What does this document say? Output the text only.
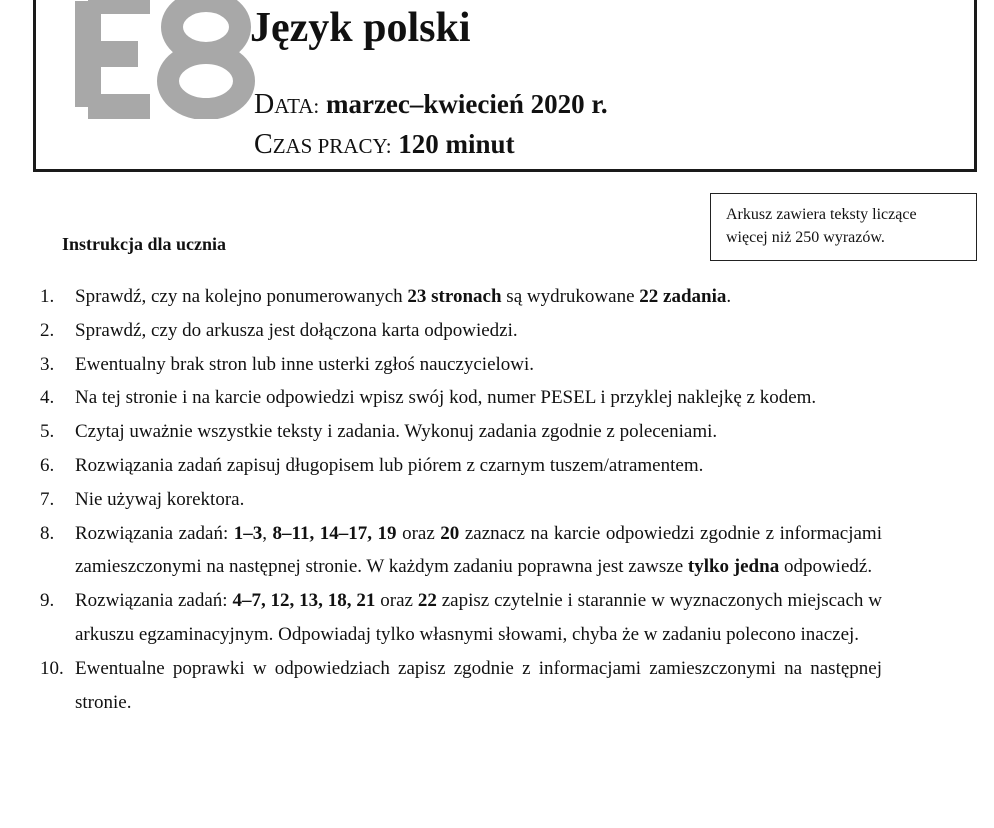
Język polski
DATA: marzec–kwiecień 2020 r.
CZAS PRACY: 120 minut
Arkusz zawiera teksty liczące
więcej niż 250 wyrazów.
Instrukcja dla ucznia
1. Sprawdź, czy na kolejno ponumerowanych 23 stronach są wydrukowane 22 zadania.
2. Sprawdź, czy do arkusza jest dołączona karta odpowiedzi.
3. Ewentualny brak stron lub inne usterki zgłoś nauczycielowi.
4. Na tej stronie i na karcie odpowiedzi wpisz swój kod, numer PESEL i przyklej naklejkę z kodem.
5. Czytaj uważnie wszystkie teksty i zadania. Wykonuj zadania zgodnie z poleceniami.
6. Rozwiązania zadań zapisuj długopisem lub piórem z czarnym tuszem/atramentem.
7. Nie używaj korektora.
8. Rozwiązania zadań: 1–3, 8–11, 14–17, 19 oraz 20 zaznacz na karcie odpowiedzi zgodnie z informacjami zamieszczonymi na następnej stronie. W każdym zadaniu poprawna jest zawsze tylko jedna odpowiedź.
9. Rozwiązania zadań: 4–7, 12, 13, 18, 21 oraz 22 zapisz czytelnie i starannie w wyznaczonych miejscach w arkuszu egzaminacyjnym. Odpowiadaj tylko własnymi słowami, chyba że w zadaniu polecono inaczej.
10. Ewentualne poprawki w odpowiedziach zapisz zgodnie z informacjami zamieszczonymi na następnej stronie.
